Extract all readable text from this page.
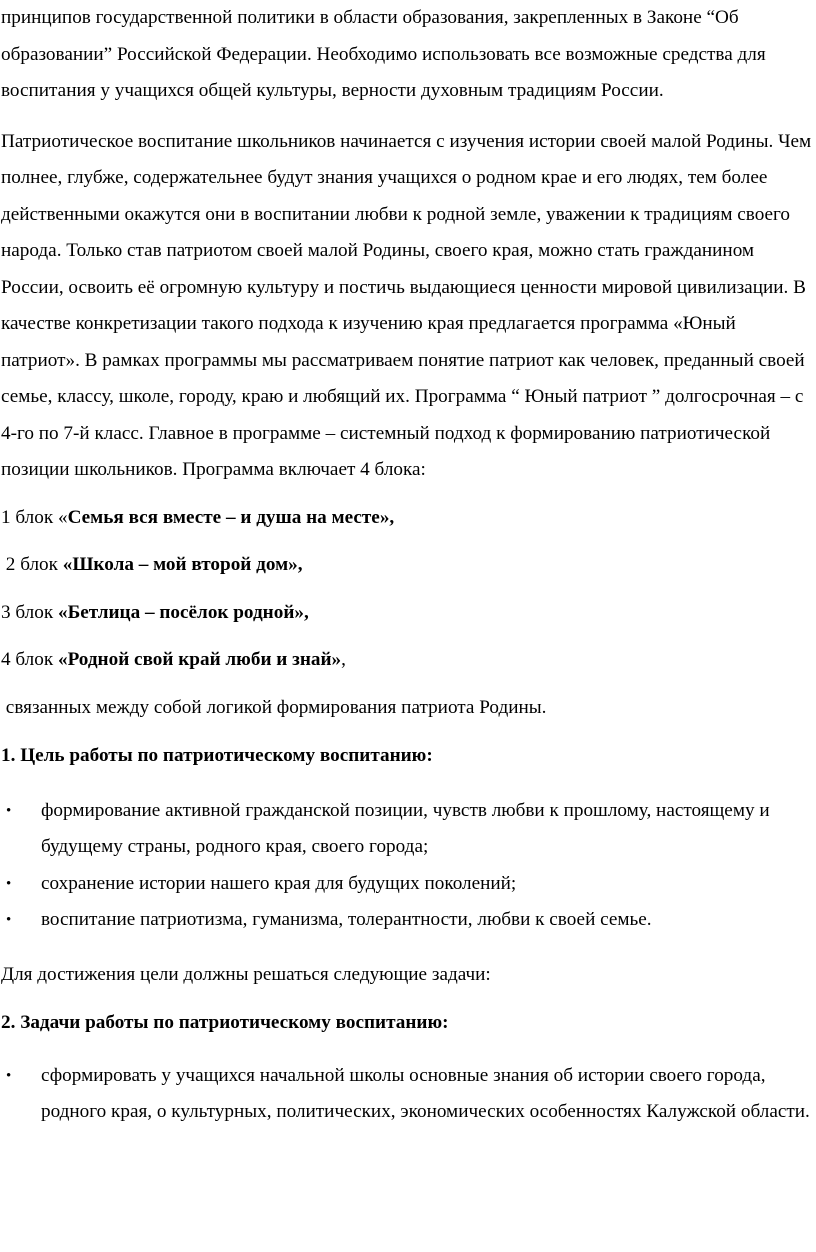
принципов государственной политики в области образования, закрепленных в Законе “Об образовании” Российской Федерации. Необходимо использовать все возможные средства для воспитания у учащихся общей культуры, верности духовным традициям России.

Патриотическое воспитание школьников начинается с изучения истории своей малой Родины. Чем полнее, глубже, содержательнее будут знания учащихся о родном крае и его людях, тем более действенными окажутся они в воспитании любви к родной земле, уважении к традициям своего народа. Только став патриотом своей малой Родины, своего края, можно стать гражданином России, освоить её огромную культуру и постичь выдающиеся ценности мировой цивилизации. В качестве конкретизации такого подхода к изучению края предлагается программа «Юный патриот». В рамках программы мы рассматриваем понятие патриот как человек, преданный своей семье, классу, школе, городу, краю и любящий их. Программа “ Юный патриот ” долгосрочная – с 4-го по 7-й класс. Главное в программе – системный подход к формированию патриотической позиции школьников. Программа включает 4 блока:

1 блок «Семья вся вместе – и душа на месте»,

2 блок «Школа – мой второй дом»,

3 блок «Бетлица – посёлок родной»,

4 блок «Родной свой край люби и знай»,

связанных между собой логикой формирования патриота Родины.

1. Цель работы по патриотическому воспитанию:

• формирование активной гражданской позиции, чувств любви к прошлому, настоящему и будущему страны, родного края, своего города;
• сохранение истории нашего края для будущих поколений;
• воспитание патриотизма, гуманизма, толерантности, любви к своей семье.

Для достижения цели должны решаться следующие задачи:

2. Задачи работы по патриотическому воспитанию:

• сформировать у учащихся начальной школы основные знания об истории своего города, родного края, о культурных, политических, экономических особенностях Калужской области.
